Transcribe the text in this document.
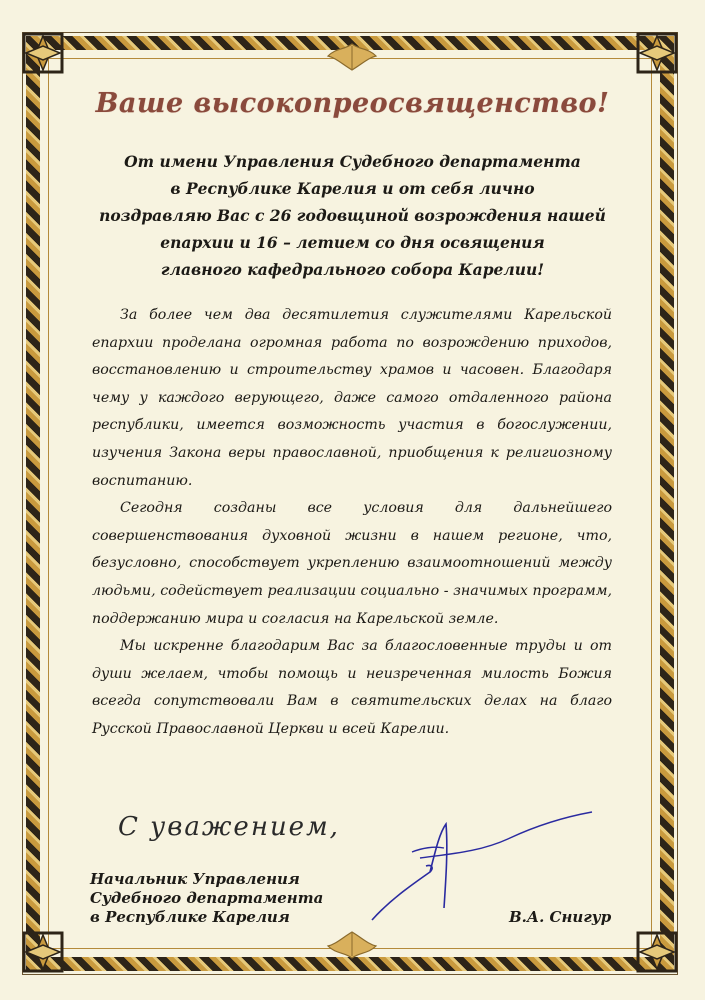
Ваше высокопреосвященство!
От имени Управления Судебного департамента
в Республике Карелия и от себя лично
поздравляю Вас с 26 годовщиной возрождения нашей
епархии и 16 – летием со дня освящения
главного кафедрального собора Карелии!

За более чем два десятилетия служителями Карельской епархии проделана огромная работа по возрождению приходов, восстановлению и строительству храмов и часовен. Благодаря чему у каждого верующего, даже самого отдаленного района республики, имеется возможность участия в богослужении, изучения Закона веры православной, приобщения к религиозному воспитанию.

Сегодня созданы все условия для дальнейшего совершенствования духовной жизни в нашем регионе, что, безусловно, способствует укреплению взаимоотношений между людьми, содействует реализации социально - значимых программ, поддержанию мира и согласия на Карельской земле.

Мы искренне благодарим Вас за благословенные труды и от души желаем, чтобы помощь и неизреченная милость Божия всегда сопутствовали Вам в святительских делах на благо Русской Православной Церкви и всей Карелии.

С уважением,
Начальник Управления
Судебного департамента
в Республике Карелия	В.А. Снигур
